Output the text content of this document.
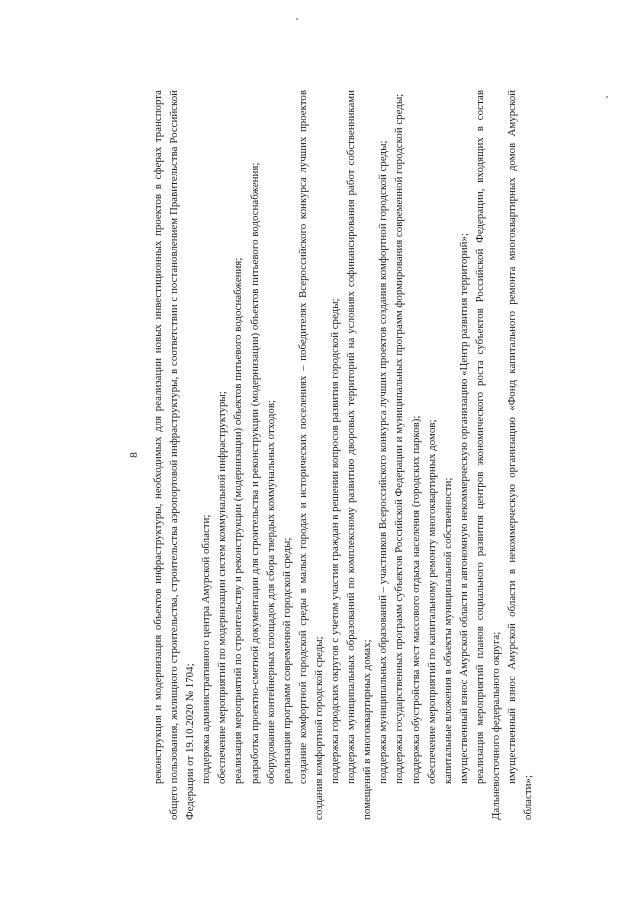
8 реконструкция и модернизация объектов инфраструктуры, необходимых для реализации новых инвестиционных проектов в сферах транспорта общего пользования, жилищного строительства, строительства аэропортовой инфраструктуры, в соответствии с постановлением Правительства Российской Федерации от 19.10.2020 № 1704; поддержка административного центра Амурской области; обеспечение мероприятий по модернизации систем коммунальной инфраструктуры; реализация мероприятий по строительству и реконструкции (модернизации) объектов питьевого водоснабжения; разработка проектно-сметной документации для строительства и реконструкции (модернизации) объектов питьевого водоснабжения; оборудование контейнерных площадок для сбора твердых коммунальных отходов; реализация программ современной городской среды; создание комфортной городской среды в малых городах и исторических поселениях – победителях Всероссийского конкурса лучших проектов создания комфортной городской среды; поддержка городских округов с учетом участия граждан в решении вопросов развития городской среды; поддержка муниципальных образований по комплексному развитию дворовых территорий на условиях софинансирования работ собственниками помещений в многоквартирных домах; поддержка муниципальных образований – участников Всероссийского конкурса лучших проектов создания комфортной городской среды; поддержка государственных программ субъектов Российской Федерации и муниципальных программ формирования современной городской среды; поддержка обустройства мест массового отдыха населения (городских парков); обеспечение мероприятий по капитальному ремонту многоквартирных домов; капитальные вложения в объекты муниципальной собственности; имущественный взнос Амурской области в автономную некоммерческую организацию «Центр развития территорий»; реализация мероприятий планов социального развития центров экономического роста субъектов Российской Федерации, входящих в состав Дальневосточного федерального округа; имущественный взнос Амурской области в некоммерческую организацию «Фонд капитального ремонта многоквартирных домов Амурской области»;
